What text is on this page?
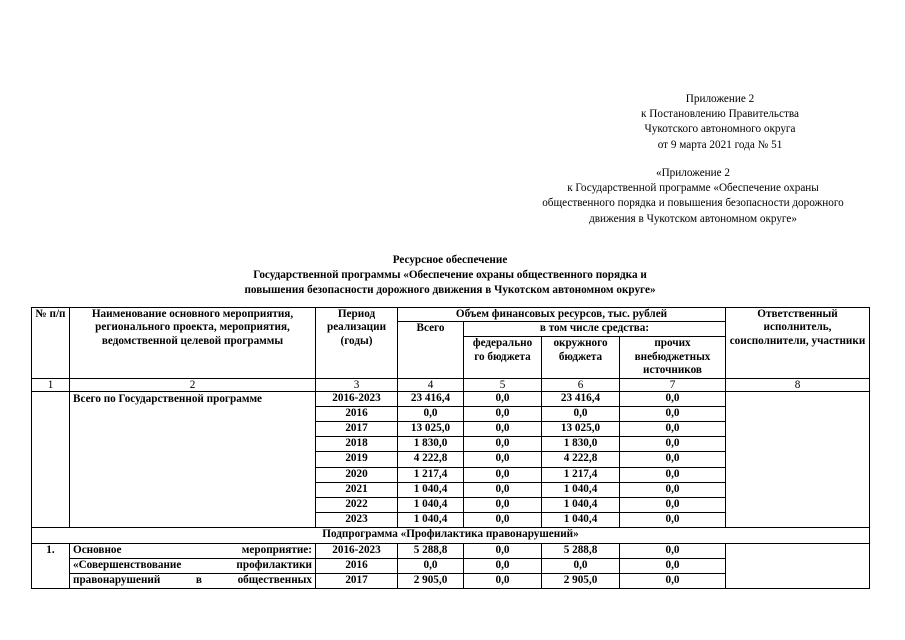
Приложение 2
к Постановлению Правительства
Чукотского автономного округа
от 9 марта 2021 года № 51
«Приложение 2
к Государственной программе «Обеспечение охраны
общественного порядка и повышения безопасности дорожного
движения в Чукотском автономном округе»
Ресурсное обеспечение
Государственной программы «Обеспечение охраны общественного порядка и
повышения безопасности дорожного движения в Чукотском автономном округе»
№ п/п	Наименование основного мероприятия, регионального проекта, мероприятия, ведомственной целевой программы	Период реализации (годы)	Объем финансовых ресурсов, тыс. рублей				Ответственный исполнитель, соисполнители, участники
			Всего	в том числе средства:			
				федерально го бюджета	окружного бюджета	прочих внебюджетных источников	
1	2	3	4	5	6	7	8
	Всего по Государственной программе	2016-2023	23 416,4	0,0	23 416,4	0,0	
		2016	0,0	0,0	0,0	0,0	
		2017	13 025,0	0,0	13 025,0	0,0	
		2018	1 830,0	0,0	1 830,0	0,0	
		2019	4 222,8	0,0	4 222,8	0,0	
		2020	1 217,4	0,0	1 217,4	0,0	
		2021	1 040,4	0,0	1 040,4	0,0	
		2022	1 040,4	0,0	1 040,4	0,0	
		2023	1 040,4	0,0	1 040,4	0,0	
Подпрограмма «Профилактика правонарушений»							
1.	Основное мероприятие:	2016-2023	5 288,8	0,0	5 288,8	0,0	
	«Совершенствование профилактики	2016	0,0	0,0	0,0	0,0	
	правонарушений в общественных	2017	2 905,0	0,0	2 905,0	0,0	
